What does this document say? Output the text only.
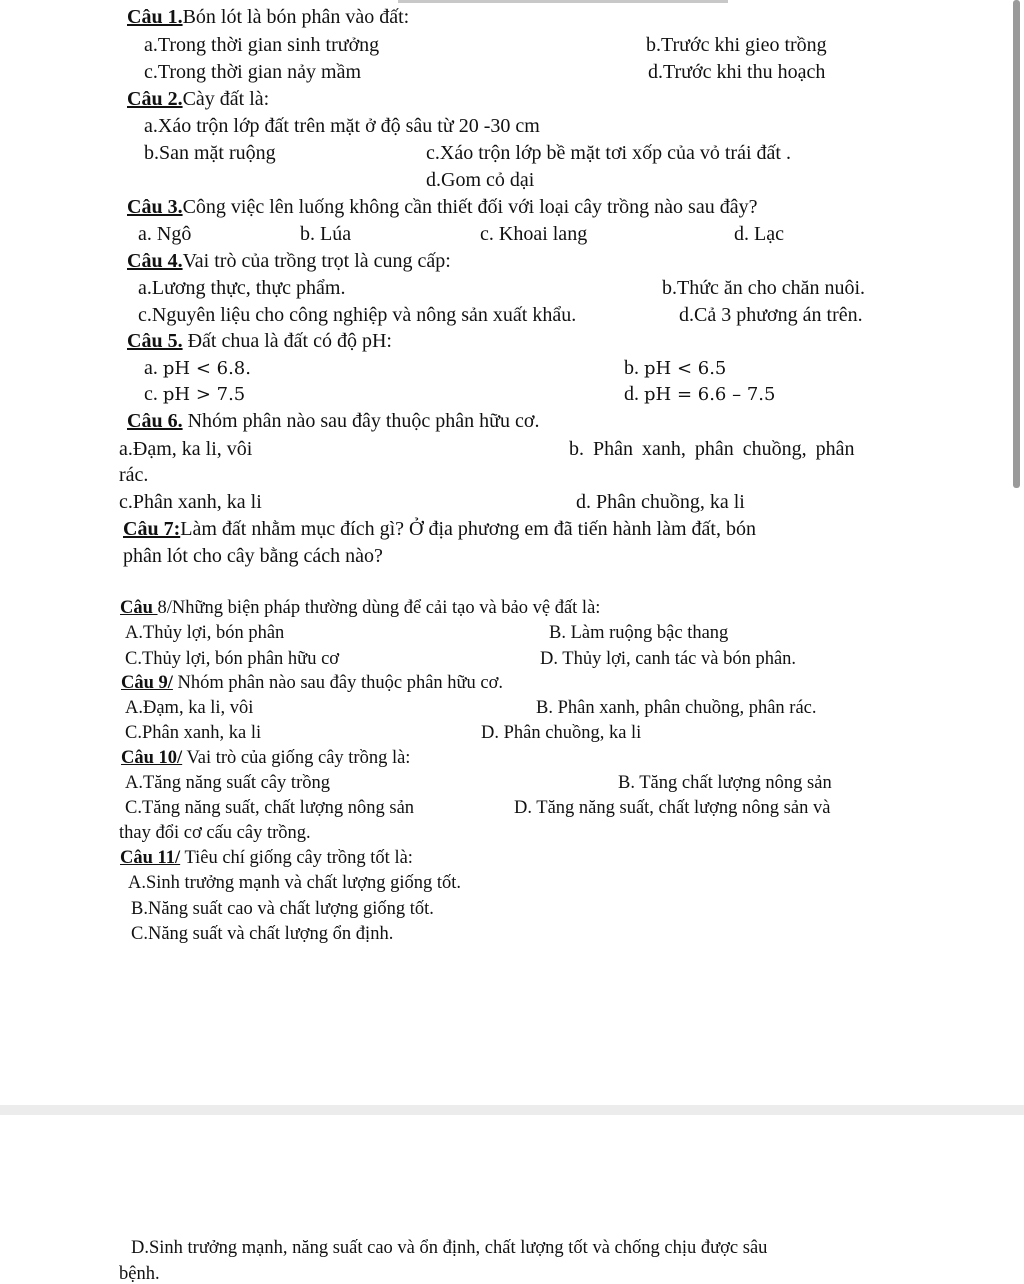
Câu 1.Bón lót là bón phân vào đất:
a.Trong thời gian sinh trưởng	b.Trước khi gieo trồng
c.Trong thời gian nảy mầm	d.Trước khi thu hoạch
Câu 2.Cày đất là:
a.Xáo trộn lớp đất trên mặt ở độ sâu từ 20 -30 cm
b.San mặt ruộng	c.Xáo trộn lớp bề mặt tơi xốp của vỏ trái đất .
d.Gom cỏ dại
Câu 3.Công việc lên luống không cần thiết đối với loại cây trồng nào sau đây?
a. Ngô	b. Lúa	c. Khoai lang	d. Lạc
Câu 4.Vai trò của trồng trọt là cung cấp:
a.Lương thực, thực phẩm.	b.Thức ăn cho chăn nuôi.
c.Nguyên liệu cho công nghiệp và nông sản xuất khẩu.	d.Cả 3 phương án trên.
Câu 5. Đất chua là đất có độ pH:
a. pH < 6.8.	b. pH < 6.5
c. pH > 7.5	d. pH = 6.6 – 7.5
Câu 6. Nhóm phân nào sau đây thuộc phân hữu cơ.
a.Đạm, ka li, vôi	b. Phân xanh, phân chuồng, phân
rác.
c.Phân xanh, ka li	d. Phân chuồng, ka li
Câu 7:Làm đất nhằm mục đích gì? Ở địa phương em đã tiến hành làm đất, bón
phân lót cho cây bằng cách nào?
Câu 8/Những biện pháp thường dùng để cải tạo và bảo vệ đất là:
A.Thủy lợi, bón phân	B. Làm ruộng bậc thang
C.Thủy lợi, bón phân hữu cơ	D. Thủy lợi, canh tác và bón phân.
Câu 9/ Nhóm phân nào sau đây thuộc phân hữu cơ.
A.Đạm, ka li, vôi	B. Phân xanh, phân chuồng, phân rác.
C.Phân xanh, ka li	D. Phân chuồng, ka li
Câu 10/ Vai trò của giống cây trồng là:
A.Tăng năng suất cây trồng	B. Tăng chất lượng nông sản
C.Tăng năng suất, chất lượng nông sản	D. Tăng năng suất, chất lượng nông sản và
thay đổi cơ cấu cây trồng.
Câu 11/ Tiêu chí giống cây trồng tốt là:
A.Sinh trưởng mạnh và chất lượng giống tốt.
B.Năng suất cao và chất lượng giống tốt.
C.Năng suất và chất lượng ổn định.
D.Sinh trưởng mạnh, năng suất cao và ổn định, chất lượng tốt và chống chịu được sâu
bệnh.
